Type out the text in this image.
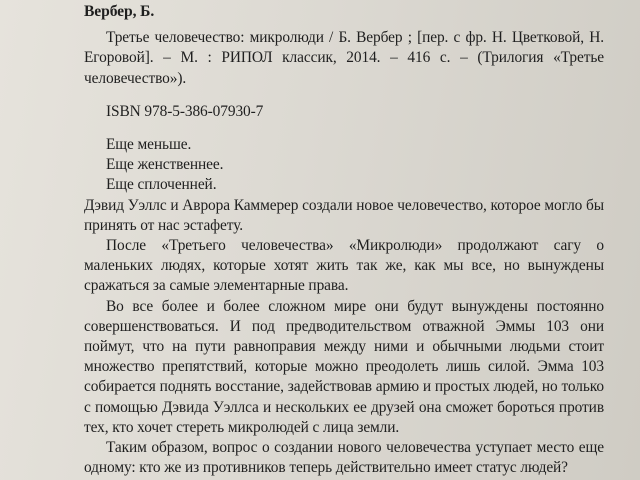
Вербер, Б.

Третье человечество: микролюди / Б. Вербер ; [пер. с фр. Н. Цветковой, Н. Егоровой]. – М. : РИПОЛ классик, 2014. – 416 с. – (Трилогия «Третье человечество»).

ISBN 978-5-386-07930-7

Еще меньше.

Еще женственнее.

Еще сплоченней.

Дэвид Уэллс и Аврора Каммерер создали новое человечество, которое могло бы принять от нас эстафету.

После «Третьего человечества» «Микролюди» продолжают сагу о маленьких людях, которые хотят жить так же, как мы все, но вынуждены сражаться за самые элементарные права.

Во все более и более сложном мире они будут вынуждены постоянно совершенствоваться. И под предводительством отважной Эммы 103 они поймут, что на пути равноправия между ними и обычными людьми стоит множество препятствий, которые можно преодолеть лишь силой. Эмма 103 собирается поднять восстание, задействовав армию и простых людей, но только с помощью Дэвида Уэллса и нескольких ее друзей она сможет бороться против тех, кто хочет стереть микролюдей с лица земли.

Таким образом, вопрос о создании нового человечества уступает место еще одному: кто же из противников теперь действительно имеет статус людей?
